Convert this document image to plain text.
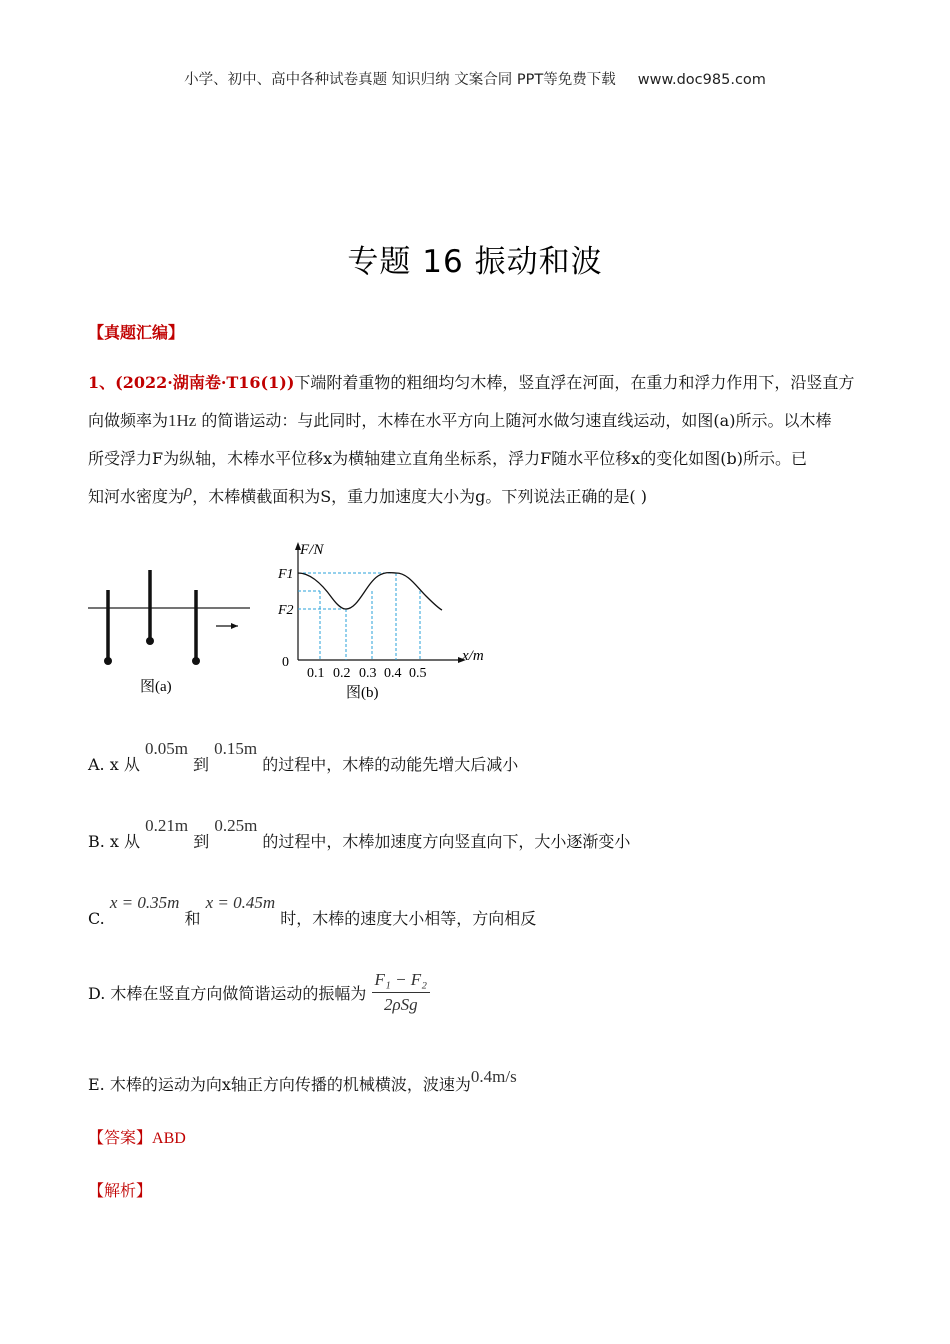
小学、初中、高中各种试卷真题 知识归纳 文案合同 PPT等免费下载 www.doc985.com
专题 16 振动和波
【真题汇编】
1、(2022·湖南卷·T16(1))下端附着重物的粗细均匀木棒，竖直浮在河面，在重力和浮力作用下，沿竖直方
向做频率为1Hz 的简谐运动：与此同时，木棒在水平方向上随河水做匀速直线运动，如图(a)所示。以木棒
所受浮力F为纵轴，木棒水平位移x为横轴建立直角坐标系，浮力F随水平位移x的变化如图(b)所示。已
知河水密度为ρ，木棒横截面积为S，重力加速度大小为g。下列说法正确的是( )
图(a)
F/N
F1
F2
0	x/m
0.1 0.2 0.3 0.4 0.5
图(b)
A. x 从 0.05m 到 0.15m 的过程中，木棒的动能先增大后减小
B. x 从 0.21m 到 0.25m 的过程中，木棒加速度方向竖直向下，大小逐渐变小
C. x = 0.35m 和 x = 0.45m 时，木棒的速度大小相等，方向相反
D. 木棒在竖直方向做简谐运动的振幅为 $\frac{\text{F₁ − F₂}}{\text{2ρSg}}$
E. 木棒的运动为向x轴正方向传播的机械横波，波速为0.4m/s
【答案】ABD
【解析】
